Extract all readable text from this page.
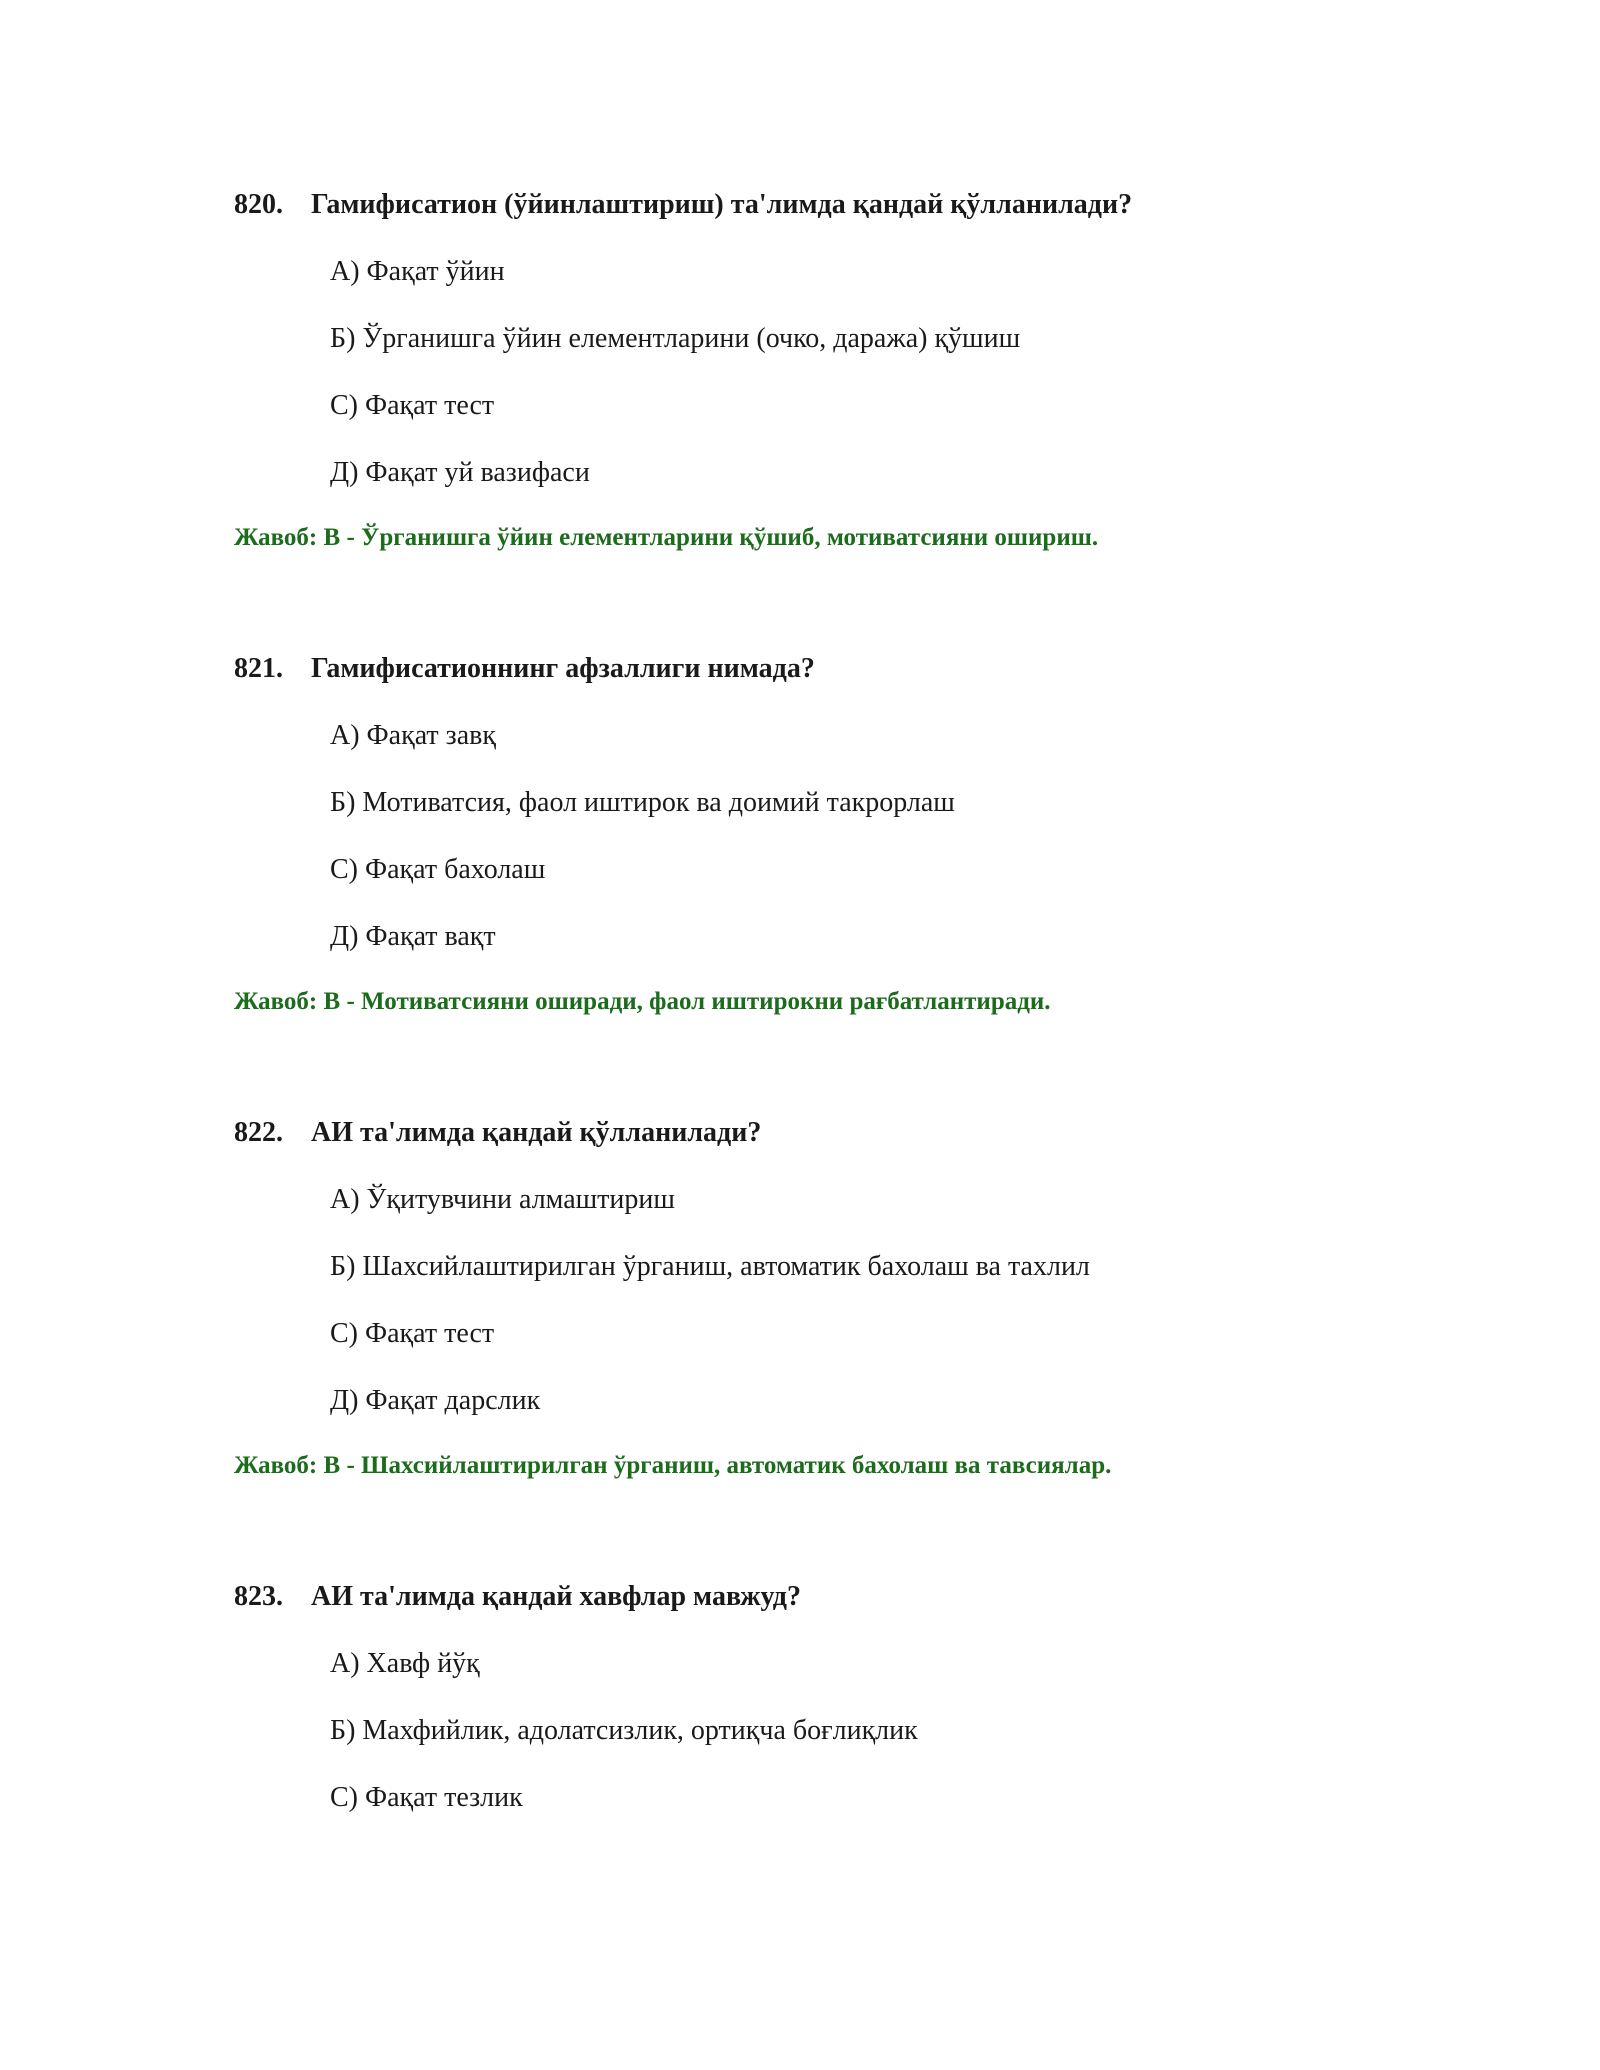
820. Гамифисатион (ўйинлаштириш) та'лимда қандай қўлланилади?
А) Фақат ўйин
Б) Ўрганишга ўйин елементларини (очко, даража) қўшиш
С) Фақат тест
Д) Фақат уй вазифаси
Жавоб: B - Ўрганишга ўйин елементларини қўшиб, мотиватсияни ошириш.
821. Гамифисатионнинг афзаллиги нимада?
А) Фақат завқ
Б) Мотиватсия, фаол иштирок ва доимий такрорлаш
С) Фақат бахолаш
Д) Фақат вақт
Жавоб: B - Мотиватсияни оширади, фаол иштирокни рағбатлантиради.
822. АИ та'лимда қандай қўлланилади?
А) Ўқитувчини алмаштириш
Б) Шахсийлаштирилган ўрганиш, автоматик бахолаш ва тахлил
С) Фақат тест
Д) Фақат дарслик
Жавоб: B - Шахсийлаштирилган ўрганиш, автоматик бахолаш ва тавсиялар.
823. АИ та'лимда қандай хавфлар мавжуд?
А) Хавф йўқ
Б) Махфийлик, адолатсизлик, ортиқча боғлиқлик
С) Фақат тезлик
